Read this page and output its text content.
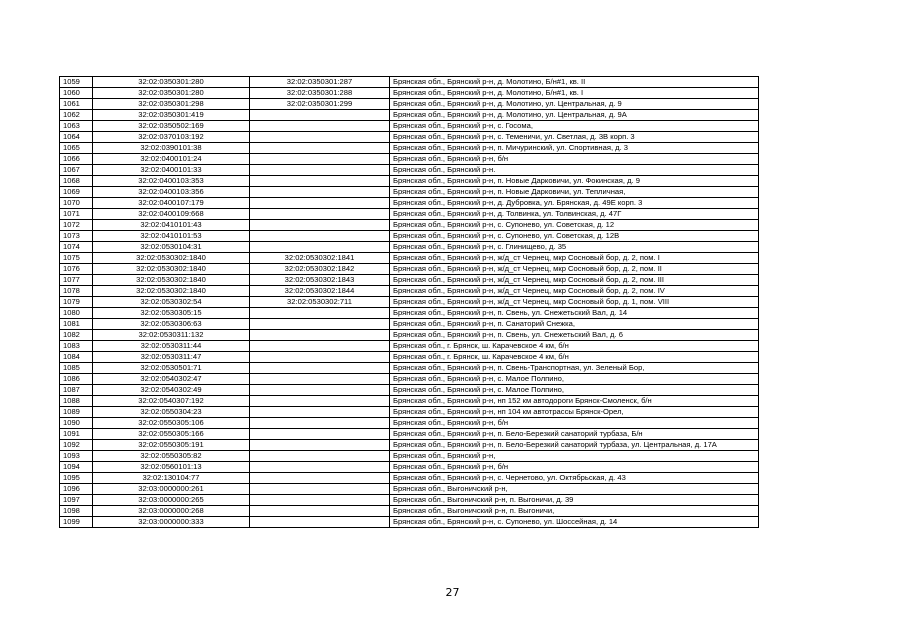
1059	32:02:0350301:280	32:02:0350301:287	Брянская обл., Брянский р-н, д. Молотино, Б/н#1, кв. II
1060	32:02:0350301:280	32:02:0350301:288	Брянская обл., Брянский р-н, д. Молотино, Б/н#1, кв. I
1061	32:02:0350301:298	32:02:0350301:299	Брянская обл., Брянский р-н, д. Молотино, ул. Центральная, д. 9
1062	32:02:0350301:419		Брянская обл., Брянский р-н, д. Молотино, ул. Центральная, д. 9А
1063	32:02:0350502:169		Брянская обл., Брянский р-н, с. Госома,
1064	32:02:0370103:192		Брянская обл., Брянский р-н, с. Теменичи, ул. Светлая, д. 3В корп. 3
1065	32:02:0390101:38		Брянская обл., Брянский р-н, п. Мичуринский, ул. Спортивная, д. 3
1066	32:02:0400101:24		Брянская обл., Брянский р-н, б/н
1067	32:02:0400101:33		Брянская обл., Брянский р-н.
1068	32:02:0400103:353		Брянская обл., Брянский р-н, п. Новые Дарковичи, ул. Фокинская, д. 9
1069	32:02:0400103:356		Брянская обл., Брянский р-н, п. Новые Дарковичи, ул. Тепличная,
1070	32:02:0400107:179		Брянская обл., Брянский р-н, д. Дубровка, ул. Брянская, д. 49Е корп. 3
1071	32:02:0400109:668		Брянская обл., Брянский р-н, д. Толвинка, ул. Толвинская, д. 47Г
1072	32:02:0410101:43		Брянская обл., Брянский р-н, с. Супонево, ул. Советская, д. 12
1073	32:02:0410101:53		Брянская обл., Брянский р-н, с. Супонево, ул. Советская, д. 12В
1074	32:02:0530104:31		Брянская обл., Брянский р-н, с. Глинищево, д. 35
1075	32:02:0530302:1840	32:02:0530302:1841	Брянская обл., Брянский р-н, ж/д_ст Чернец, мкр Сосновый бор, д. 2, пом. I
1076	32:02:0530302:1840	32:02:0530302:1842	Брянская обл., Брянский р-н, ж/д_ст Чернец, мкр Сосновый бор, д. 2, пом. II
1077	32:02:0530302:1840	32:02:0530302:1843	Брянская обл., Брянский р-н, ж/д_ст Чернец, мкр Сосновый бор, д. 2, пом. III
1078	32:02:0530302:1840	32:02:0530302:1844	Брянская обл., Брянский р-н, ж/д_ст Чернец, мкр Сосновый бор, д. 2, пом. IV
1079	32:02:0530302:54	32:02:0530302:711	Брянская обл., Брянский р-н, ж/д_ст Чернец, мкр Сосновый бор, д. 1, пом. VIII
1080	32:02:0530305:15		Брянская обл., Брянский р-н, п. Свень, ул. Снежетьский Вал, д. 14
1081	32:02:0530306:63		Брянская обл., Брянский р-н, п. Санаторий Снежка,
1082	32:02:0530311:132		Брянская обл., Брянский р-н, п. Свень, ул. Снежетьский Вал, д. 6
1083	32:02:0530311:44		Брянская обл., г. Брянск, ш. Карачевское 4 км, б/н
1084	32:02:0530311:47		Брянская обл., г. Брянск, ш. Карачевское 4 км, б/н
1085	32:02:0530501:71		Брянская обл., Брянский р-н, п. Свень-Транспортная, ул. Зеленый Бор,
1086	32:02:0540302:47		Брянская обл., Брянский р-н, с. Малое Полпино,
1087	32:02:0540302:49		Брянская обл., Брянский р-н, с. Малое Полпино,
1088	32:02:0540307:192		Брянская обл., Брянский р-н, нп 152 км автодороги Брянск-Смоленск, б/н
1089	32:02:0550304:23		Брянская обл., Брянский р-н, нп 104 км автотрассы Брянск-Орел,
1090	32:02:0550305:106		Брянская обл., Брянский р-н, б/н
1091	32:02:0550305:166		Брянская обл., Брянский р-н, п. Бело-Березкий санаторий турбаза, Б/н
1092	32:02:0550305:191		Брянская обл., Брянский р-н, п. Бело-Березкий санаторий турбаза, ул. Центральная, д. 17А
1093	32:02:0550305:82		Брянская обл., Брянский р-н,
1094	32:02:0560101:13		Брянская обл., Брянский р-н, б/н
1095	32:02:130104:77		Брянская обл., Брянский р-н, с. Чернетово, ул. Октябрьская, д. 43
1096	32:03:0000000:261		Брянская обл., Выгоничский р-н,
1097	32:03:0000000:265		Брянская обл., Выгоничский р-н, п. Выгоничи, д. 39
1098	32:03:0000000:268		Брянская обл., Выгоничский р-н, п. Выгоничи,
1099	32:03:0000000:333		Брянская обл., Брянский р-н, с. Супонево, ул. Шоссейная, д. 14
27
